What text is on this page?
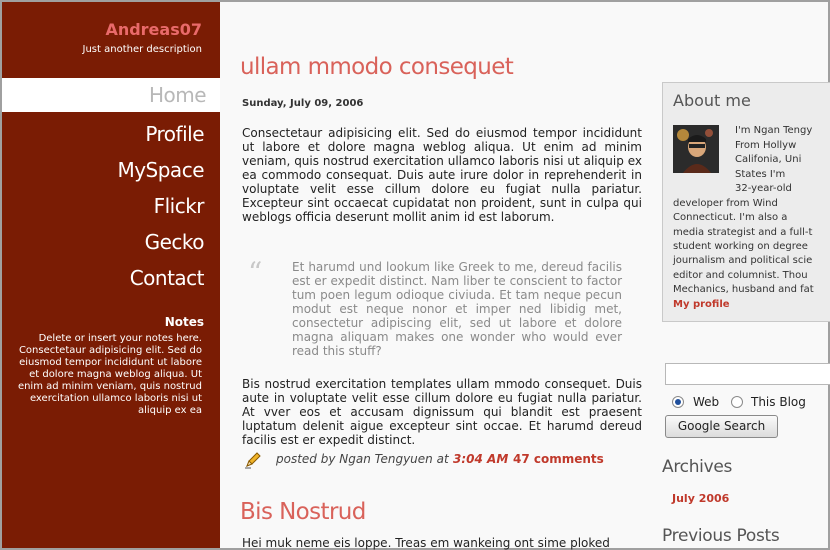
Andreas07
Just another description
Home
Profile
MySpace
Flickr
Gecko
Contact
Notes
Delete or insert your notes here. Consectetaur adipisicing elit. Sed do eiusmod tempor incididunt ut labore et dolore magna weblog aliqua. Ut enim ad minim veniam, quis nostrud exercitation ullamco laboris nisi ut aliquip ex ea
ullam mmodo consequet
Sunday, July 09, 2006
Consectetaur adipisicing elit. Sed do eiusmod tempor incididunt ut labore et dolore magna weblog aliqua. Ut enim ad minim veniam, quis nostrud exercitation ullamco laboris nisi ut aliquip ex ea commodo consequat. Duis aute irure dolor in reprehenderit in voluptate velit esse cillum dolore eu fugiat nulla pariatur. Excepteur sint occaecat cupidatat non proident, sunt in culpa qui weblogs officia deserunt mollit anim id est laborum.
“ Et harumd und lookum like Greek to me, dereud facilis est er expedit distinct. Nam liber te conscient to factor tum poen legum odioque civiuda. Et tam neque pecun modut est neque nonor et imper ned libidig met, consectetur adipiscing elit, sed ut labore et dolore magna aliquam makes one wonder who would ever read this stuff?
Bis nostrud exercitation templates ullam mmodo consequet. Duis aute in voluptate velit esse cillum dolore eu fugiat nulla pariatur. At vver eos et accusam dignissum qui blandit est praesent luptatum delenit aigue excepteur sint occae. Et harumd dereud facilis est er expedit distinct.
posted by Ngan Tengyuen at 3:04 AM 47 comments
Bis Nostrud
Hei muk neme eis loppe. Treas em wankeing ont sime ploked
About me
I'm Ngan Tengy
From Hollyw
Califonia, Uni
States I'm
32-year-old
developer from Wind
Connecticut. I'm also a
media strategist and a full-t
student working on degree
journalism and political scie
editor and columnist. Thou
Mechanics, husband and fat
My profile
Web	This Blog
Google Search
Archives
July 2006
Previous Posts
